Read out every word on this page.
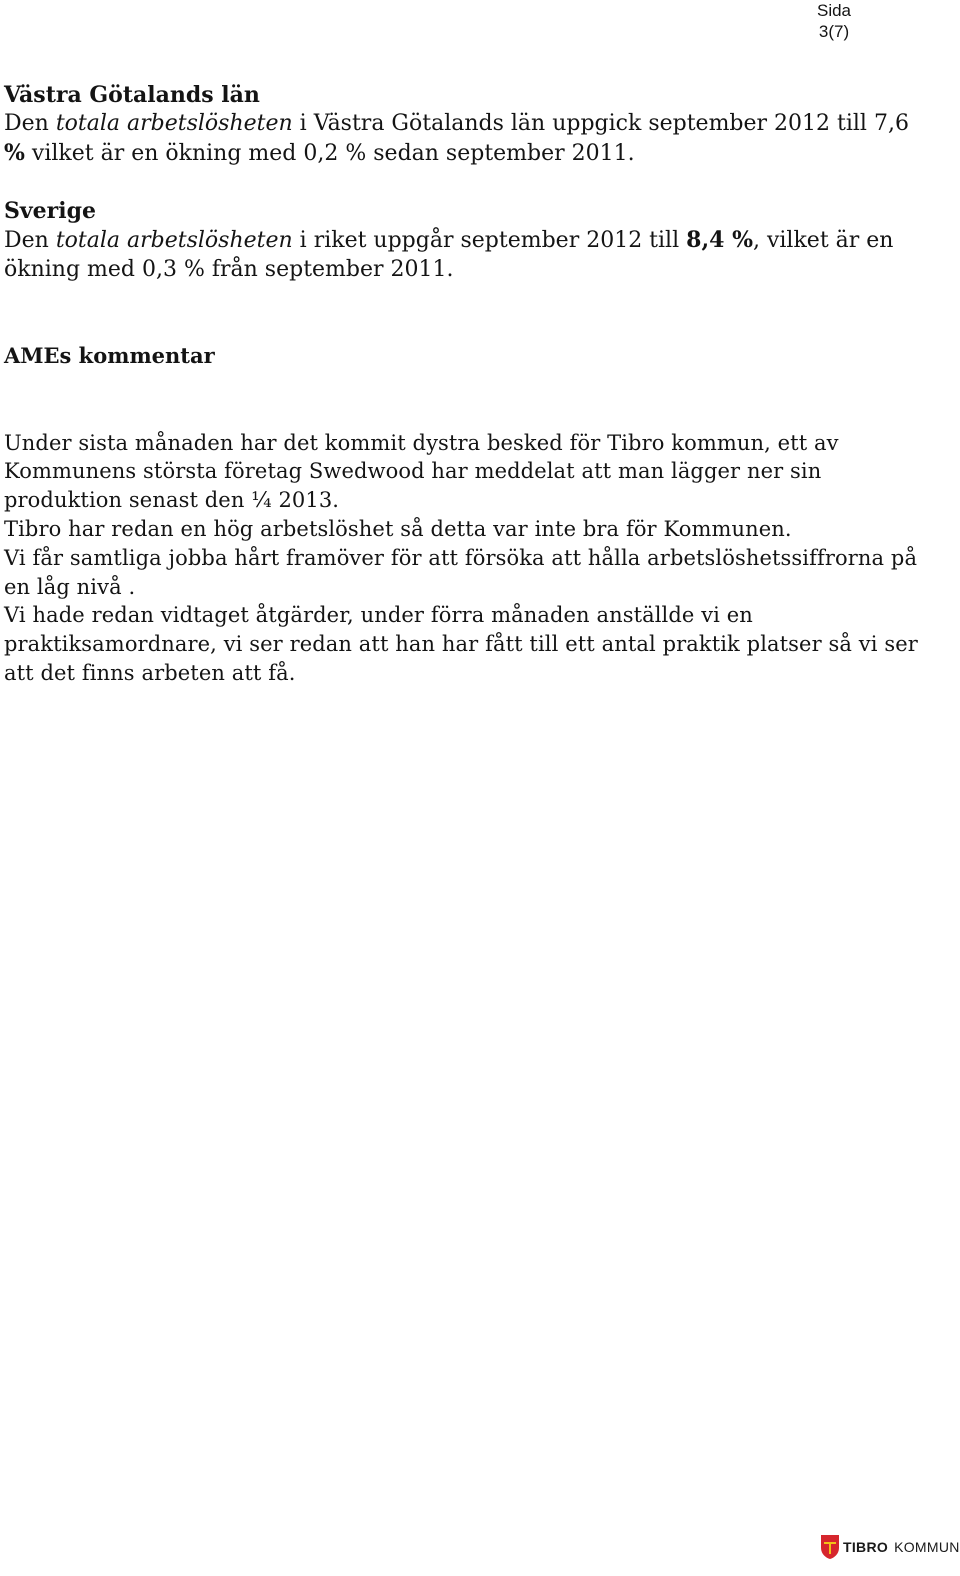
Sida
3(7)
Västra Götalands län

Den totala arbetslösheten i Västra Götalands län uppgick september 2012 till 7,6 % vilket är en ökning med 0,2 % sedan september 2011.

Sverige

Den totala arbetslösheten i riket uppgår september 2012 till 8,4 %, vilket är en ökning med 0,3 % från september 2011.

AMEs kommentar

Under sista månaden har det kommit dystra besked för Tibro kommun, ett av Kommunens största företag Swedwood har meddelat att man lägger ner sin produktion senast den ¼ 2013.

Tibro har redan en hög arbetslöshet så detta var inte bra för Kommunen.

Vi får samtliga jobba hårt framöver för att försöka att hålla arbetslöshetssiffrorna på en låg nivå .

Vi hade redan vidtaget åtgärder, under förra månaden anställde vi en praktiksamordnare, vi ser redan att han har fått till ett antal praktik platser så vi ser att det finns arbeten att få.

TIBRO KOMMUN
